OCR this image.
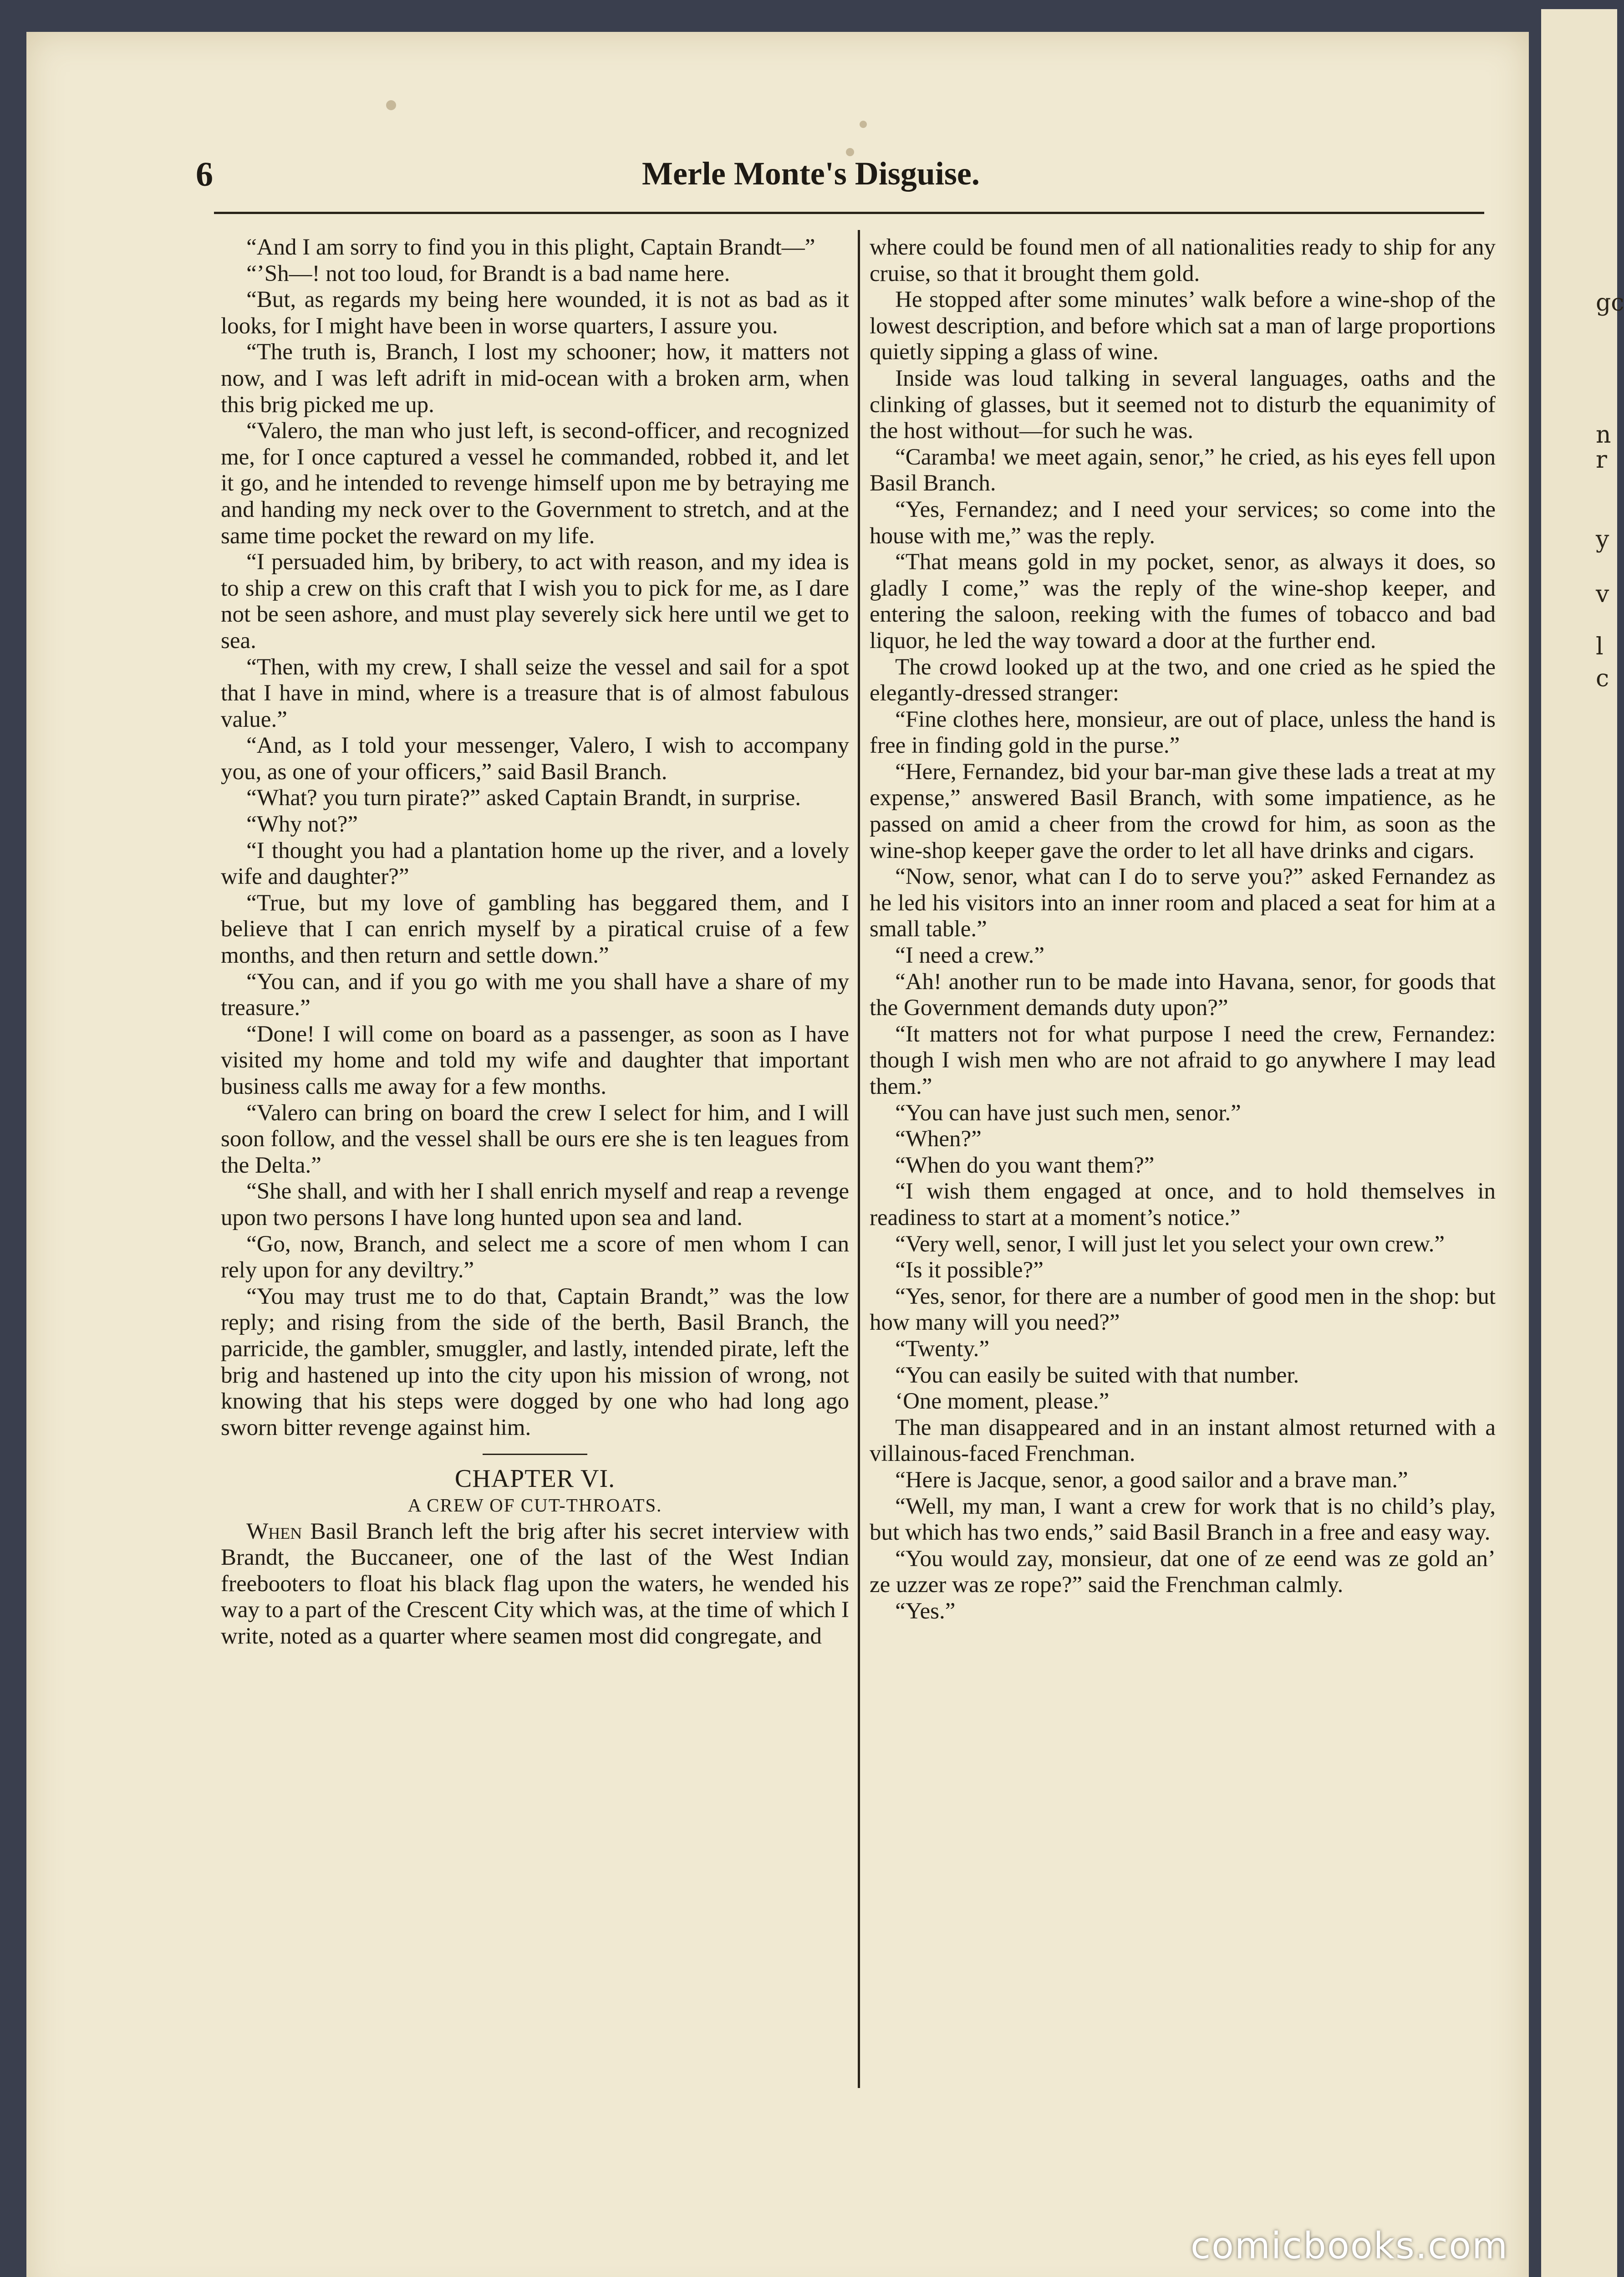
gc
n
r
y
v
l
c
6	Merle Monte's Disguise.

“And I am sorry to find you in this plight, Captain Brandt—”

“’Sh—! not too loud, for Brandt is a bad name here.

“But, as regards my being here wounded, it is not as bad as it looks, for I might have been in worse quarters, I assure you.

“The truth is, Branch, I lost my schooner; how, it matters not now, and I was left adrift in mid-ocean with a broken arm, when this brig picked me up.

“Valero, the man who just left, is second-officer, and recognized me, for I once captured a vessel he commanded, robbed it, and let it go, and he intended to revenge himself upon me by betraying me and handing my neck over to the Government to stretch, and at the same time pocket the reward on my life.

“I persuaded him, by bribery, to act with reason, and my idea is to ship a crew on this craft that I wish you to pick for me, as I dare not be seen ashore, and must play severely sick here until we get to sea.

“Then, with my crew, I shall seize the vessel and sail for a spot that I have in mind, where is a treasure that is of almost fabulous value.”

“And, as I told your messenger, Valero, I wish to accompany you, as one of your officers,” said Basil Branch.

“What? you turn pirate?” asked Captain Brandt, in surprise.

“Why not?”

“I thought you had a plantation home up the river, and a lovely wife and daughter?”

“True, but my love of gambling has beggared them, and I believe that I can enrich myself by a piratical cruise of a few months, and then return and settle down.”

“You can, and if you go with me you shall have a share of my treasure.”

“Done! I will come on board as a passenger, as soon as I have visited my home and told my wife and daughter that important business calls me away for a few months.

“Valero can bring on board the crew I select for him, and I will soon follow, and the vessel shall be ours ere she is ten leagues from the Delta.”

“She shall, and with her I shall enrich myself and reap a revenge upon two persons I have long hunted upon sea and land.

“Go, now, Branch, and select me a score of men whom I can rely upon for any deviltry.”

“You may trust me to do that, Captain Brandt,” was the low reply; and rising from the side of the berth, Basil Branch, the parricide, the gambler, smuggler, and lastly, intended pirate, left the brig and hastened up into the city upon his mission of wrong, not knowing that his steps were dogged by one who had long ago sworn bitter revenge against him.

CHAPTER VI.

A CREW OF CUT-THROATS.

When Basil Branch left the brig after his secret interview with Brandt, the Buccaneer, one of the last of the West Indian freebooters to float his black flag upon the waters, he wended his way to a part of the Crescent City which was, at the time of which I write, noted as a quarter where seamen most did congregate, and

where could be found men of all nationalities ready to ship for any cruise, so that it brought them gold.

He stopped after some minutes’ walk before a wine-shop of the lowest description, and before which sat a man of large proportions quietly sipping a glass of wine.

Inside was loud talking in several languages, oaths and the clinking of glasses, but it seemed not to disturb the equanimity of the host without—for such he was.

“Caramba! we meet again, senor,” he cried, as his eyes fell upon Basil Branch.

“Yes, Fernandez; and I need your services; so come into the house with me,” was the reply.

“That means gold in my pocket, senor, as always it does, so gladly I come,” was the reply of the wine-shop keeper, and entering the saloon, reeking with the fumes of tobacco and bad liquor, he led the way toward a door at the further end.

The crowd looked up at the two, and one cried as he spied the elegantly-dressed stranger:

“Fine clothes here, monsieur, are out of place, unless the hand is free in finding gold in the purse.”

“Here, Fernandez, bid your bar-man give these lads a treat at my expense,” answered Basil Branch, with some impatience, as he passed on amid a cheer from the crowd for him, as soon as the wine-shop keeper gave the order to let all have drinks and cigars.

“Now, senor, what can I do to serve you?” asked Fernandez as he led his visitors into an inner room and placed a seat for him at a small table.”

“I need a crew.”

“Ah! another run to be made into Havana, senor, for goods that the Government demands duty upon?”

“It matters not for what purpose I need the crew, Fernandez: though I wish men who are not afraid to go anywhere I may lead them.”

“You can have just such men, senor.”

“When?”

“When do you want them?”

“I wish them engaged at once, and to hold themselves in readiness to start at a moment’s notice.”

“Very well, senor, I will just let you select your own crew.”

“Is it possible?”

“Yes, senor, for there are a number of good men in the shop: but how many will you need?”

“Twenty.”

“You can easily be suited with that number.

‘One moment, please.”

The man disappeared and in an instant almost returned with a villainous-faced Frenchman.

“Here is Jacque, senor, a good sailor and a brave man.”

“Well, my man, I want a crew for work that is no child’s play, but which has two ends,” said Basil Branch in a free and easy way.

“You would zay, monsieur, dat one of ze eend was ze gold an’ ze uzzer was ze rope?” said the Frenchman calmly.

“Yes.”

comicbooks.com
